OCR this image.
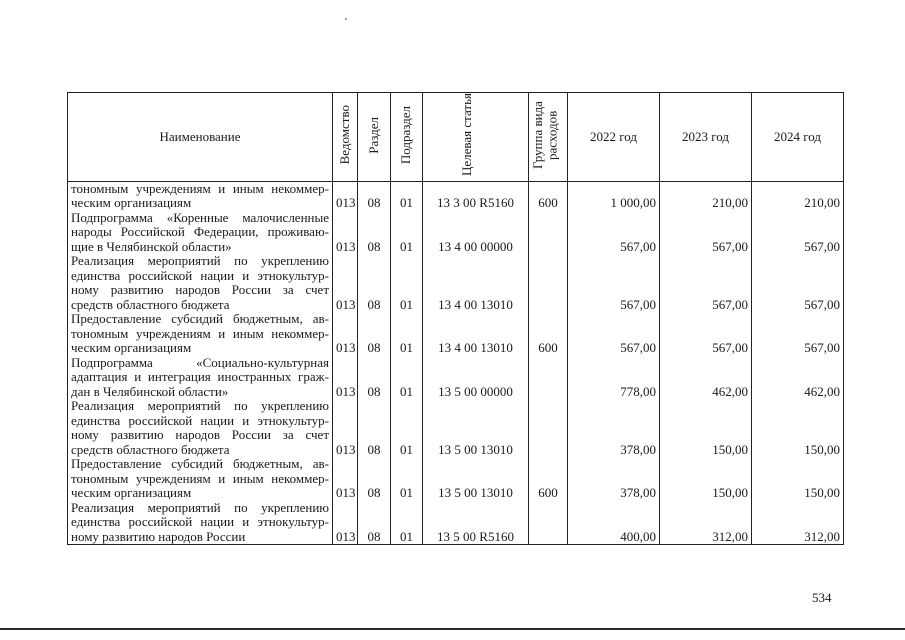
Наименование	Ведомство	Раздел	Подраздел	Целевая статья	Группа вида расходов	2022 год	2023 год	2024 год
тономным учреждениям и иным некоммерческим организациям	013	08	01	13 3 00 R5160	600	1 000,00	210,00	210,00
Подпрограмма «Коренные малочисленные народы Российской Федерации, проживающие в Челябинской области»	013	08	01	13 4 00 00000		567,00	567,00	567,00
Реализация мероприятий по укреплению единства российской нации и этнокультурному развитию народов России за счет средств областного бюджета	013	08	01	13 4 00 13010		567,00	567,00	567,00
Предоставление субсидий бюджетным, автономным учреждениям и иным некоммерческим организациям	013	08	01	13 4 00 13010	600	567,00	567,00	567,00
Подпрограмма «Социально-культурная адаптация и интеграция иностранных граждан в Челябинской области»	013	08	01	13 5 00 00000		778,00	462,00	462,00
Реализация мероприятий по укреплению единства российской нации и этнокультурному развитию народов России за счет средств областного бюджета	013	08	01	13 5 00 13010		378,00	150,00	150,00
Предоставление субсидий бюджетным, автономным учреждениям и иным некоммерческим организациям	013	08	01	13 5 00 13010	600	378,00	150,00	150,00
Реализация мероприятий по укреплению единства российской нации и этнокультурному развитию народов России	013	08	01	13 5 00 R5160		400,00	312,00	312,00
534
